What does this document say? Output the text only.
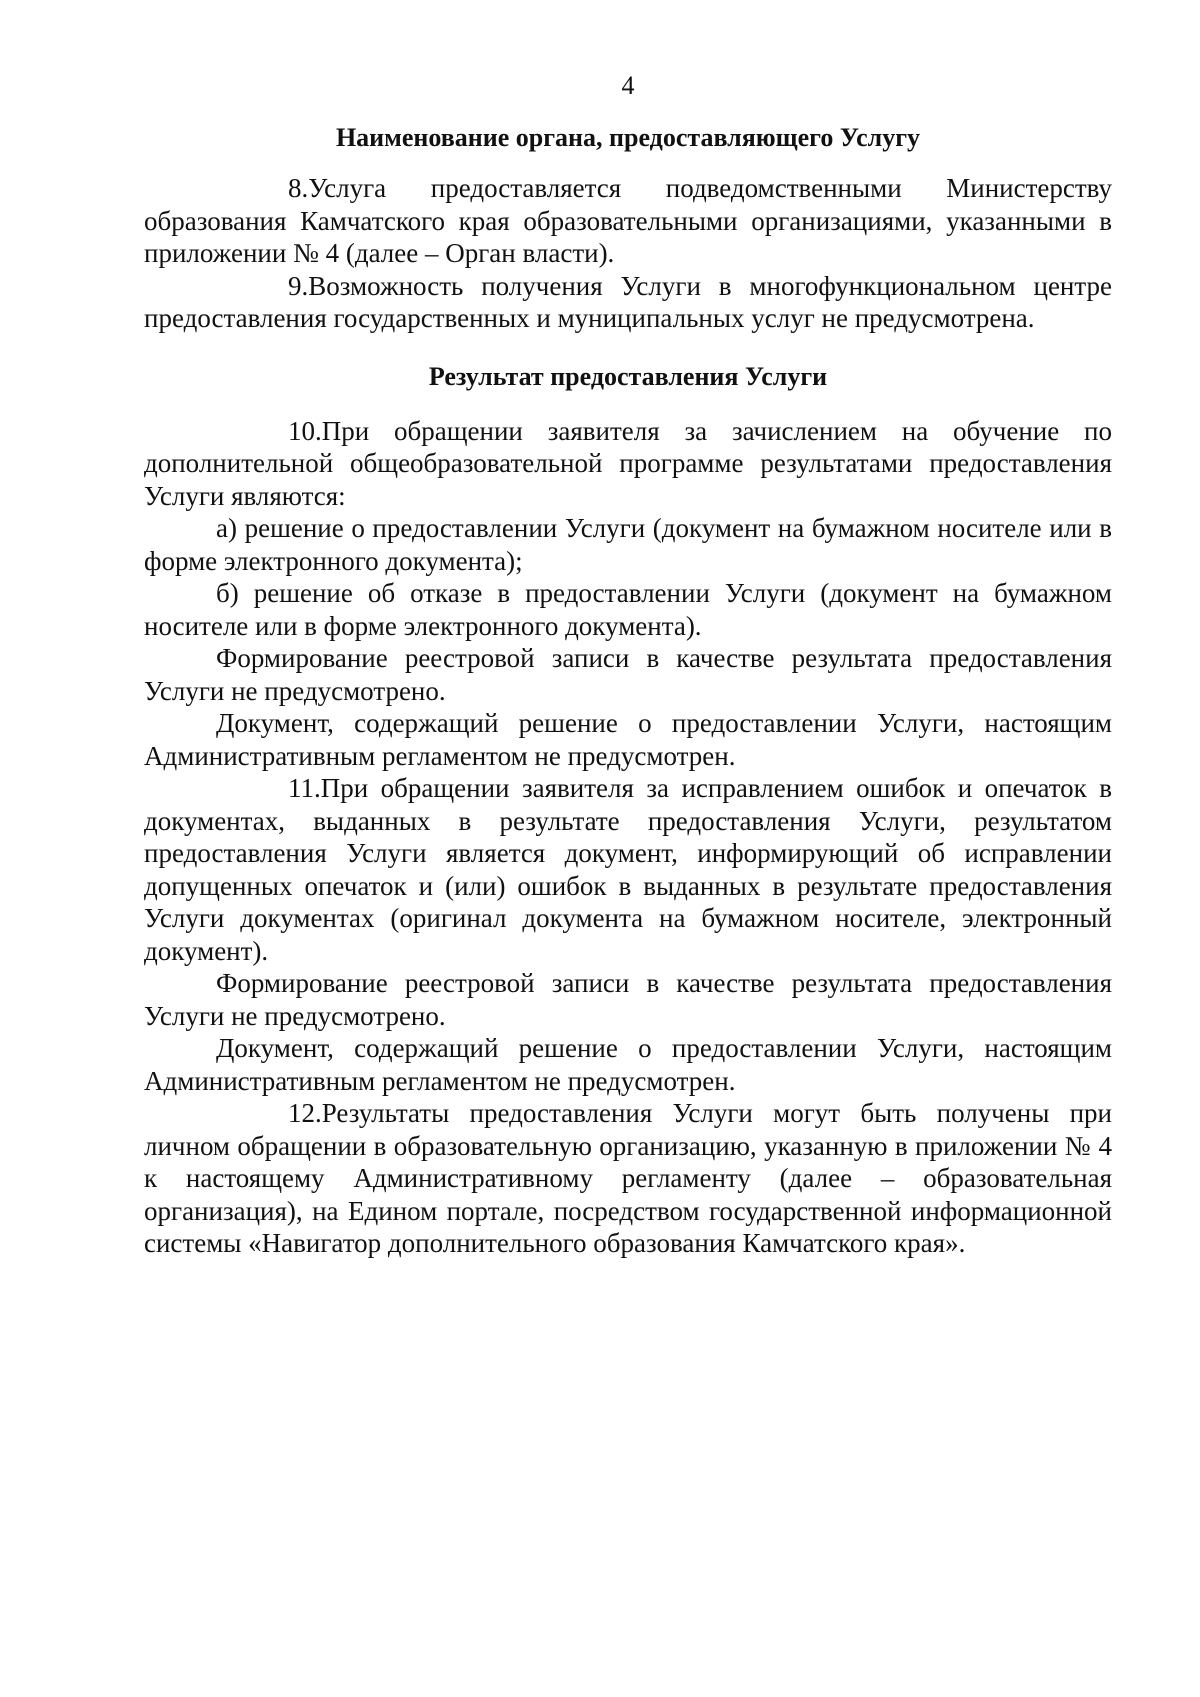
4
Наименование органа, предоставляющего Услугу

8.Услуга предоставляется подведомственными Министерству образования Камчатского края образовательными организациями, указанными в приложении № 4 (далее – Орган власти).

9.Возможность получения Услуги в многофункциональном центре предоставления государственных и муниципальных услуг не предусмотрена.

Результат предоставления Услуги

10.При обращении заявителя за зачислением на обучение по дополнительной общеобразовательной программе результатами предоставления Услуги являются:

а) решение о предоставлении Услуги (документ на бумажном носителе или в форме электронного документа);

б) решение об отказе в предоставлении Услуги (документ на бумажном носителе или в форме электронного документа).

Формирование реестровой записи в качестве результата предоставления Услуги не предусмотрено.

Документ, содержащий решение о предоставлении Услуги, настоящим Административным регламентом не предусмотрен.

11.При обращении заявителя за исправлением ошибок и опечаток в документах, выданных в результате предоставления Услуги, результатом предоставления Услуги является документ, информирующий об исправлении допущенных опечаток и (или) ошибок в выданных в результате предоставления Услуги документах (оригинал документа на бумажном носителе, электронный документ).

Формирование реестровой записи в качестве результата предоставления Услуги не предусмотрено.

Документ, содержащий решение о предоставлении Услуги, настоящим Административным регламентом не предусмотрен.

12.Результаты предоставления Услуги могут быть получены при личном обращении в образовательную организацию, указанную в приложении № 4 к настоящему Административному регламенту (далее – образовательная организация), на Едином портале, посредством государственной информационной системы «Навигатор дополнительного образования Камчатского края».
